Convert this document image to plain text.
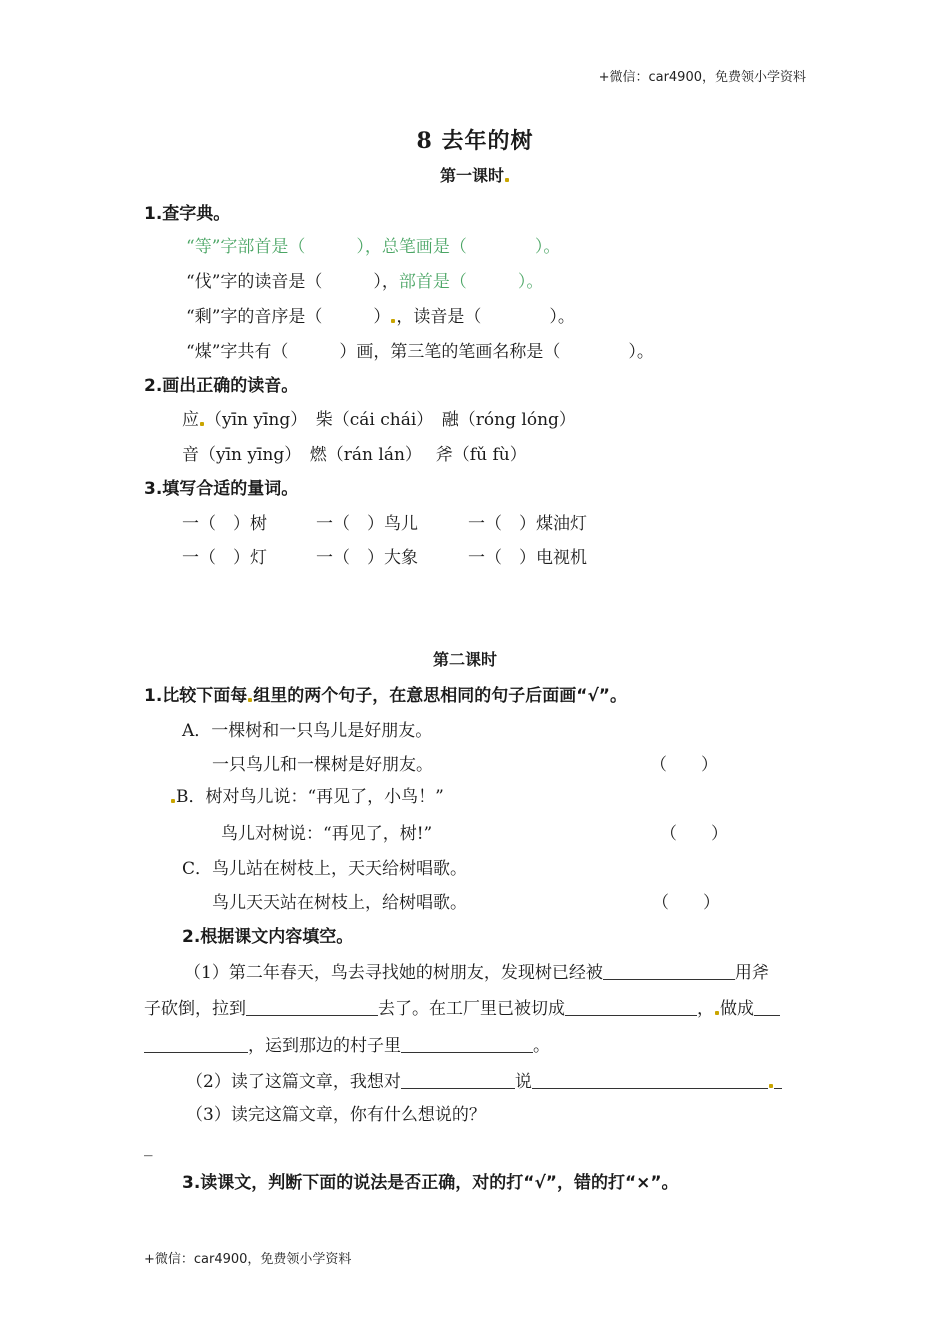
+微信：car4900，免费领小学资料
8 去年的树
第一课时
1.查字典。
“等”字部首是（　　　），总笔画是（　　　　）。
“伐”字的读音是（　　　），部首是（　　　）。
“剩”字的音序是（　　　） ，读音是（　　　　）。
“煤”字共有（　　　）画，第三笔的笔画名称是（　　　　）。
2.画出正确的读音。
应 （yīn yīng）　柴（cái chái）　融（róng lóng）
音（yīn yīng）　燃（rán lán）　 斧（fǔ fù）
3.填写合适的量词。
一（　）树	一（　）鸟儿	一（　）煤油灯
一（　）灯	一（　）大象	一（　）电视机
第二课时
1.比较下面每 组里的两个句子，在意思相同的句子后面画“√”。
A．一棵树和一只鸟儿是好朋友。
一只鸟儿和一棵树是好朋友。	（　　）
B．树对鸟儿说：“再见了，小鸟！”
鸟儿对树说：“再见了，树!”	（　　）
C．鸟儿站在树枝上，天天给树唱歌。
鸟儿天天站在树枝上，给树唱歌。	（　　）
2.根据课文内容填空。
（1）第二年春天，鸟去寻找她的树朋友，发现树已经被	用斧
子砍倒，拉到	去了。在工厂里已被切成	， 做成
，运到那边的村子里	。
（2）读了这篇文章，我想对	说
（3）读完这篇文章，你有什么想说的？
_
3.读课文，判断下面的说法是否正确，对的打“√”，错的打“×”。
+微信：car4900，免费领小学资料
